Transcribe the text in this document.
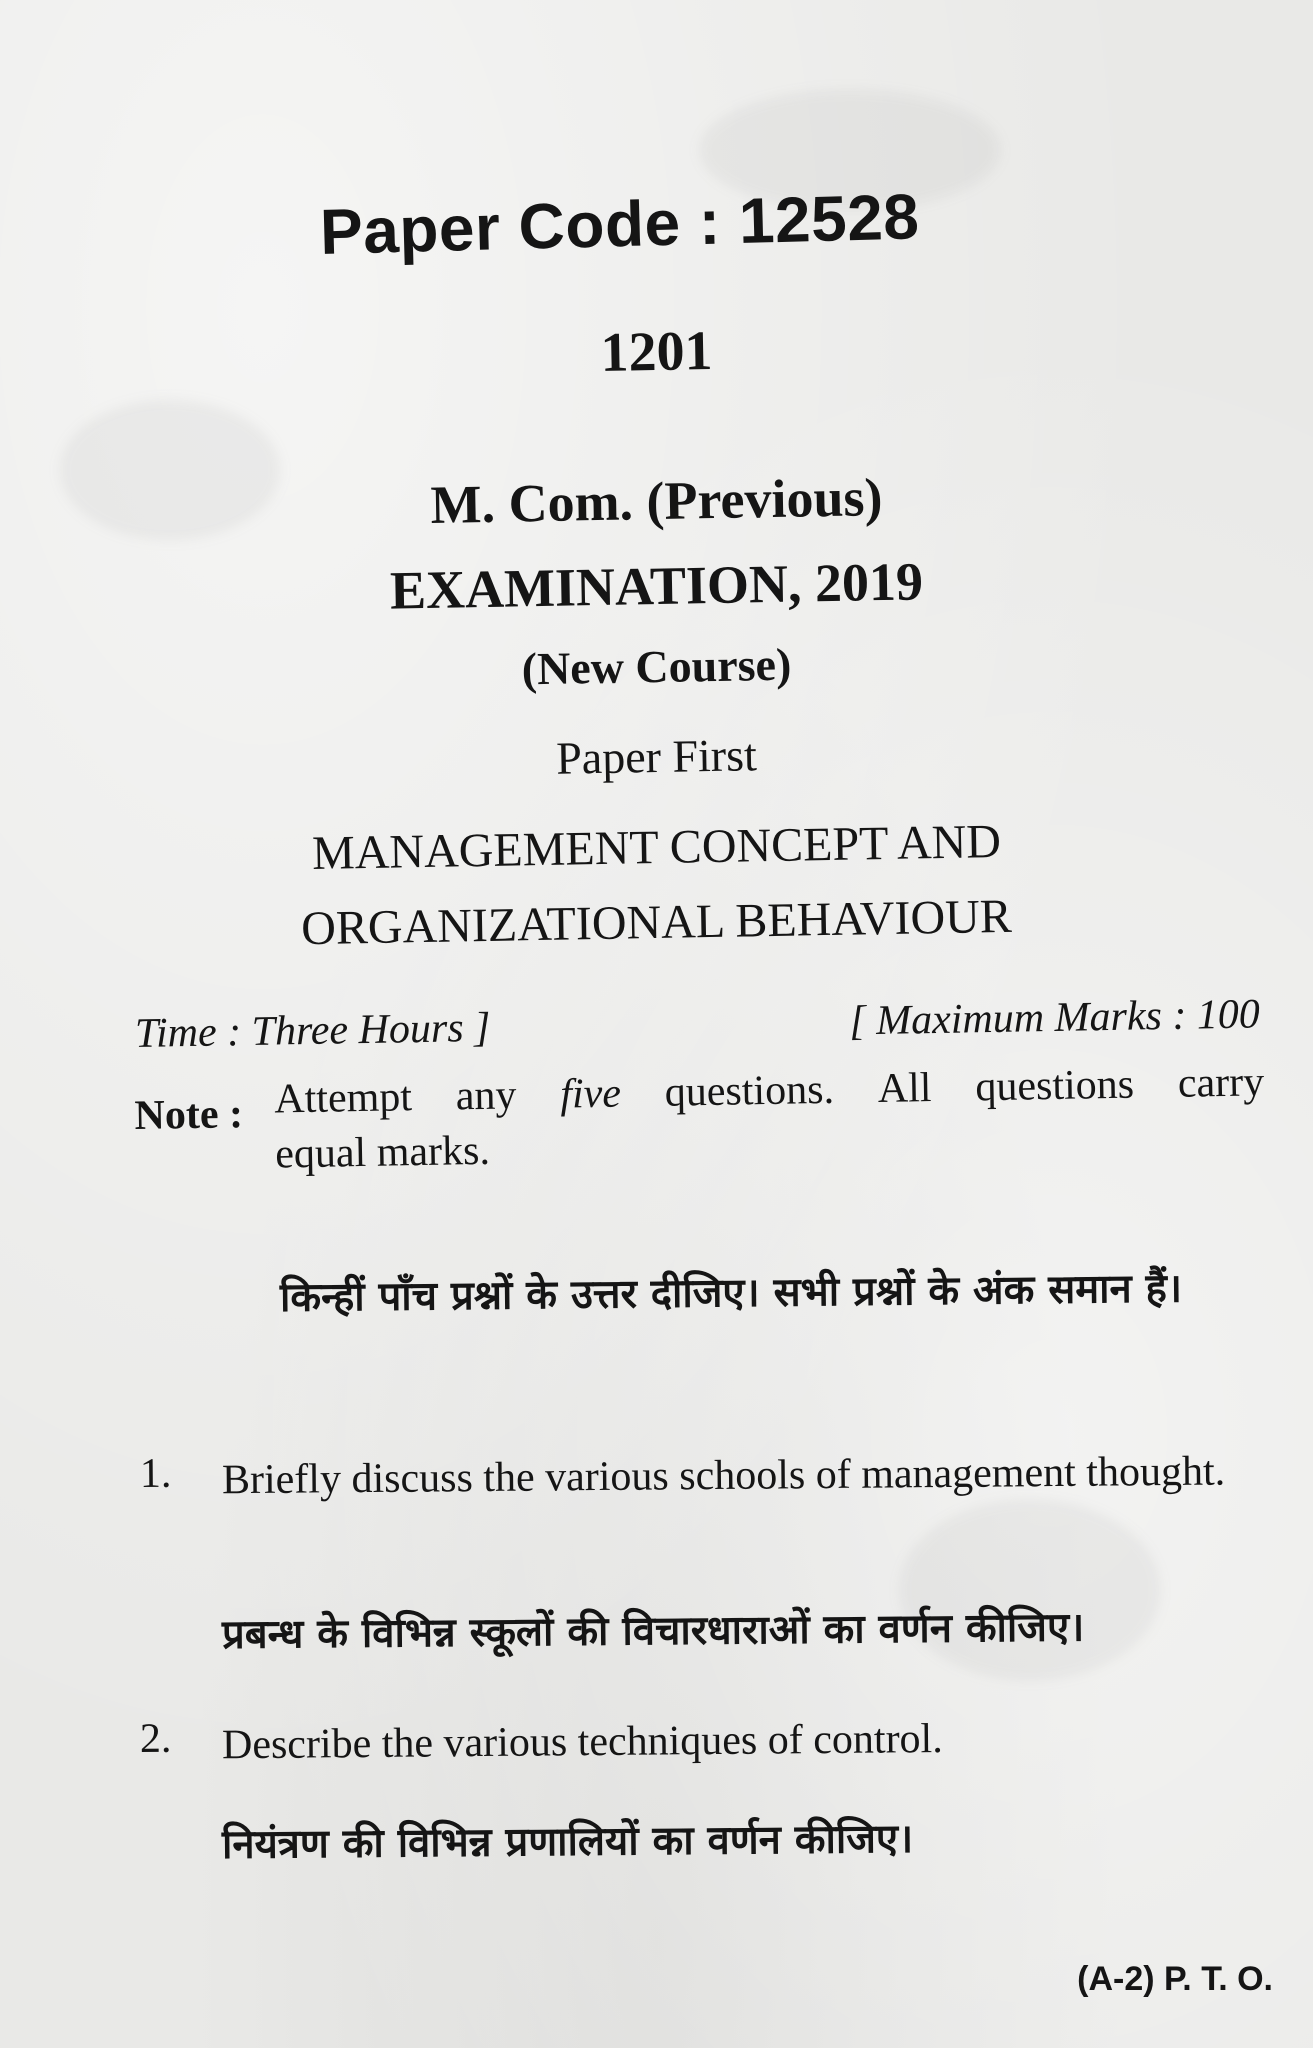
Paper Code : 12528
1201
M. Com. (Previous)
EXAMINATION, 2019
(New Course)
Paper First
MANAGEMENT CONCEPT AND
ORGANIZATIONAL BEHAVIOUR
Time : Three Hours ]	[ Maximum Marks : 100
Note : Attempt any five questions. All questions carry
equal marks.
किन्हीं पाँच प्रश्नों के उत्तर दीजिए। सभी प्रश्नों के अंक समान हैं।
1. Briefly discuss the various schools of management thought.
प्रबन्ध के विभिन्न स्कूलों की विचारधाराओं का वर्णन कीजिए।
2. Describe the various techniques of control.
नियंत्रण की विभिन्न प्रणालियों का वर्णन कीजिए।
(A-2) P. T. O.
